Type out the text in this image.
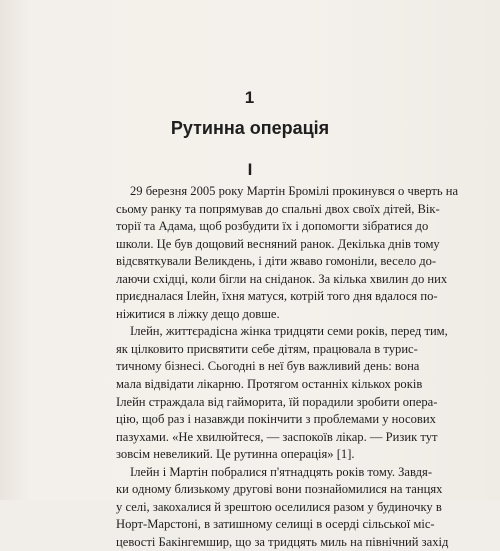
1
Рутинна операція
I

29 березня 2005 року Мартін Бромілі прокинувся о чверть на
сьому ранку та попрямував до спальні двох своїх дітей, Вік-
торії та Адама, щоб розбудити їх і допомогти зібратися до
школи. Це був дощовий весняний ранок. Декілька днів тому
відсвяткували Великдень, і діти жваво гомоніли, весело до-
лаючи східці, коли бігли на сніданок. За кілька хвилин до них
приєдналася Ілейн, їхня матуся, котрій того дня вдалося по-
ніжитися в ліжку дещо довше.

Ілейн, життєрадісна жінка тридцяти семи років, перед тим,
як цілковито присвятити себе дітям, працювала в турис-
тичному бізнесі. Сьогодні в неї був важливий день: вона
мала відвідати лікарню. Протягом останніх кількох років
Ілейн страждала від гайморита, їй порадили зробити опера-
цію, щоб раз і назавжди покінчити з проблемами у носових
пазухами. «Не хвилюйтеся, — заспокоїв лікар. — Ризик тут
зовсім невеликий. Це рутинна операція» [1].

Ілейн і Мартін побралися п'ятнадцять років тому. Завдя-
ки одному близькому другові вони познайомилися на танцях
у селі, закохалися й зрештою оселилися разом у будиночку в
Норт-Марстоні, в затишному селищі в осерді сільської міс-
цевості Бакінгемшир, що за тридцять миль на північний захід
